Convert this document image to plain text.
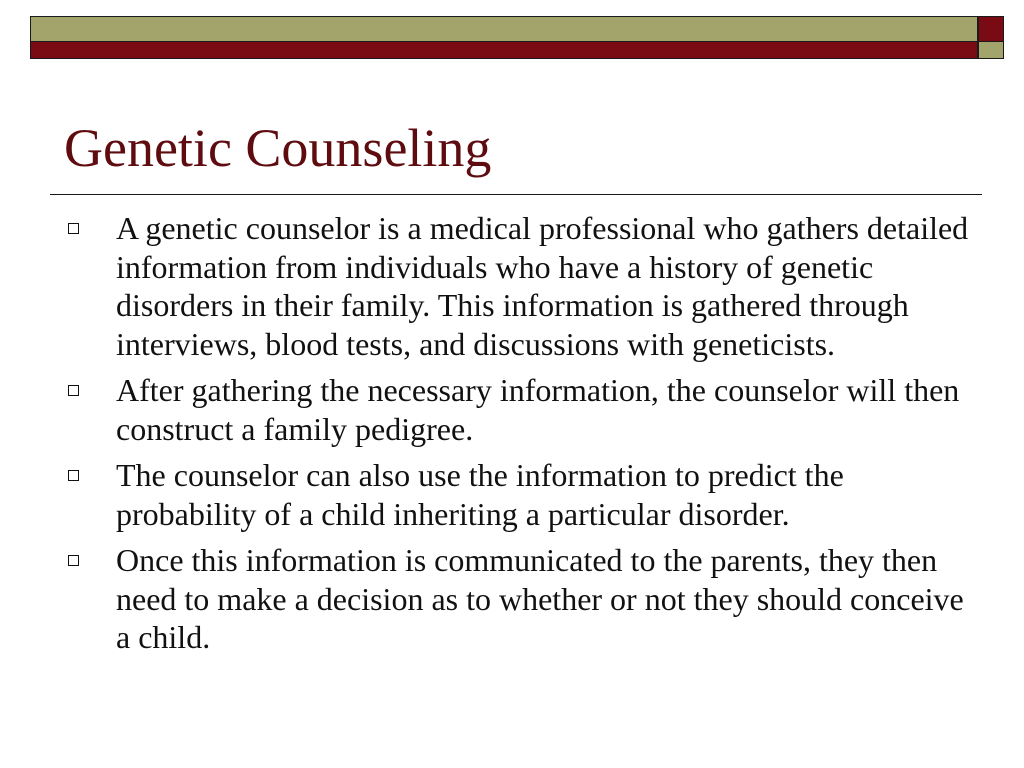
Genetic Counseling
A genetic counselor is a medical professional who gathers detailed information from individuals who have a history of genetic disorders in their family. This information is gathered through interviews, blood tests, and discussions with geneticists.
After gathering the necessary information, the counselor will then construct a family pedigree.
The counselor can also use the information to predict the probability of a child inheriting a particular disorder.
Once this information is communicated to the parents, they then need to make a decision as to whether or not they should conceive a child.
